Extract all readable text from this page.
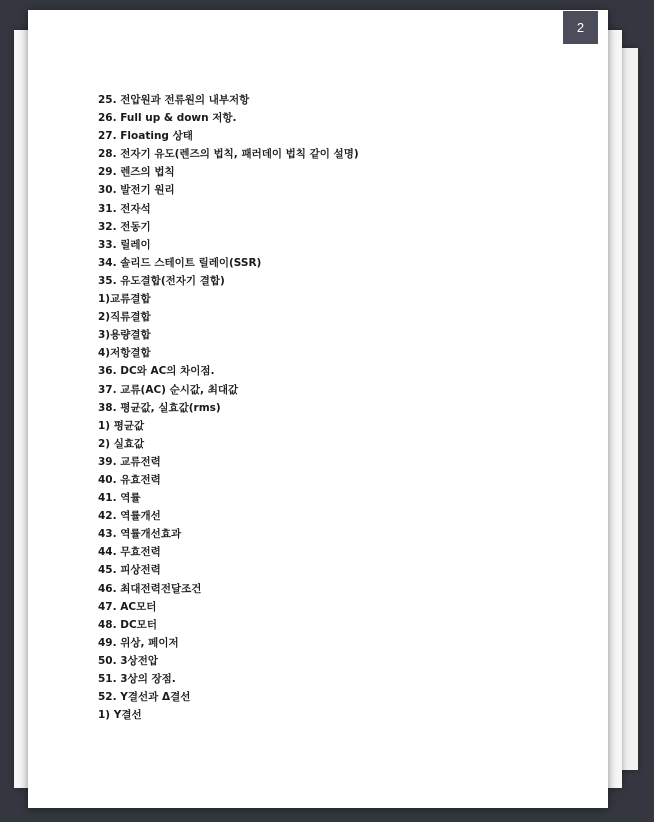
25. 전압원과 전류원의 내부저항
26. Full up & down 저항.
27. Floating 상태
28. 전자기 유도(렌즈의 법칙, 패러데이 법칙 같이 설명)
29. 렌즈의 법칙
30. 발전기 원리
31. 전자석
32. 전동기
33. 릴레이
34. 솔리드 스테이트 릴레이(SSR)
35. 유도결합(전자기 결합)
1)교류결합
2)직류결합
3)용량결합
4)저항결합
36. DC와 AC의 차이점.
37. 교류(AC) 순시값, 최대값
38. 평균값, 실효값(rms)
1) 평균값
2) 실효값
39. 교류전력
40. 유효전력
41. 역률
42. 역률개선
43. 역률개선효과
44. 무효전력
45. 피상전력
46. 최대전력전달조건
47. AC모터
48. DC모터
49. 위상, 페이저
50. 3상전압
51. 3상의 장점.
52. Y결선과 Δ결선
1) Y결선
2
